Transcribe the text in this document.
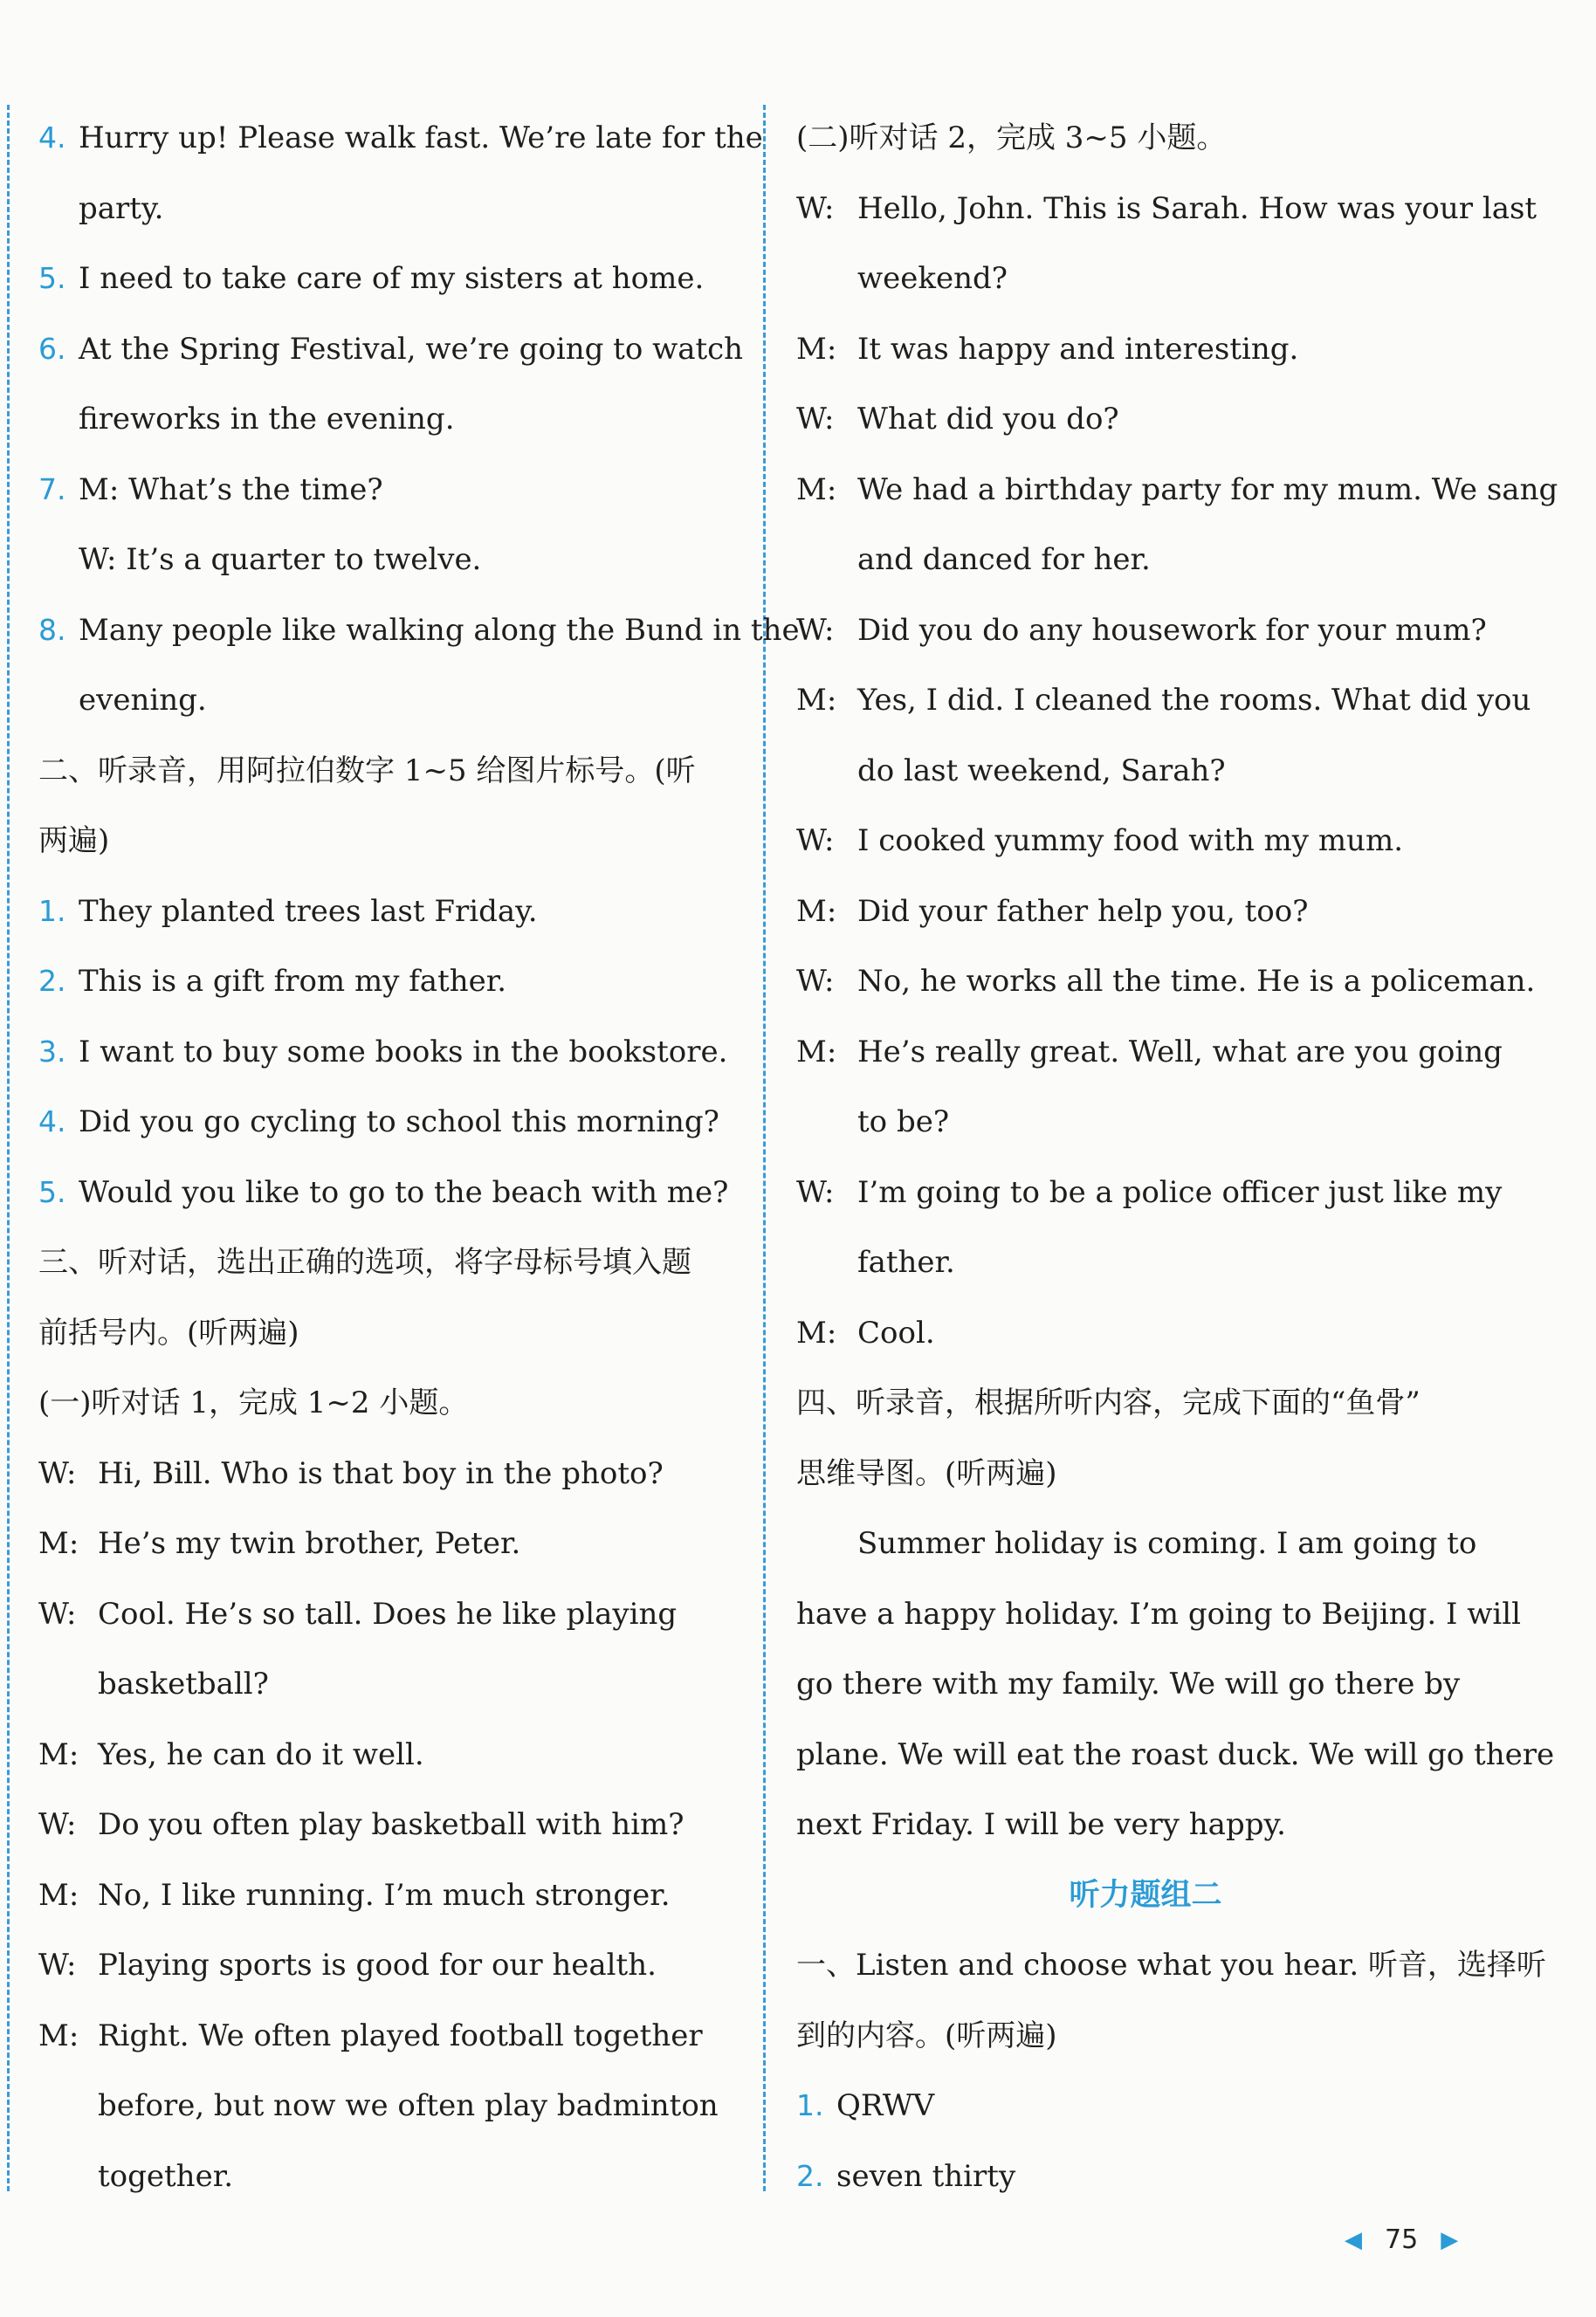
4. Hurry up! Please walk fast. We’re late for the
party.
5. I need to take care of my sisters at home.
6. At the Spring Festival, we’re going to watch
fireworks in the evening.
7. M: What’s the time?
W: It’s a quarter to twelve.
8. Many people like walking along the Bund in the
evening.
二、听录音，用阿拉伯数字 1~5 给图片标号。(听
两遍)
1. They planted trees last Friday.
2. This is a gift from my father.
3. I want to buy some books in the bookstore.
4. Did you go cycling to school this morning?
5. Would you like to go to the beach with me?
三、听对话，选出正确的选项，将字母标号填入题
前括号内。(听两遍)
(一)听对话 1，完成 1~2 小题。
W: Hi, Bill. Who is that boy in the photo?
M: He’s my twin brother, Peter.
W: Cool. He’s so tall. Does he like playing
basketball?
M: Yes, he can do it well.
W: Do you often play basketball with him?
M: No, I like running. I’m much stronger.
W: Playing sports is good for our health.
M: Right. We often played football together
before, but now we often play badminton
together.
(二)听对话 2，完成 3~5 小题。
W: Hello, John. This is Sarah. How was your last
weekend?
M: It was happy and interesting.
W: What did you do?
M: We had a birthday party for my mum. We sang
and danced for her.
W: Did you do any housework for your mum?
M: Yes, I did. I cleaned the rooms. What did you
do last weekend, Sarah?
W: I cooked yummy food with my mum.
M: Did your father help you, too?
W: No, he works all the time. He is a policeman.
M: He’s really great. Well, what are you going
to be?
W: I’m going to be a police officer just like my
father.
M: Cool.
四、听录音，根据所听内容，完成下面的“鱼骨”
思维导图。(听两遍)
Summer holiday is coming. I am going to
have a happy holiday. I’m going to Beijing. I will
go there with my family. We will go there by
plane. We will eat the roast duck. We will go there
next Friday. I will be very happy.
听力题组二
一、Listen and choose what you hear. 听音，选择听
到的内容。(听两遍)
1. QRWV
2. seven thirty
◀ 75 ▶
